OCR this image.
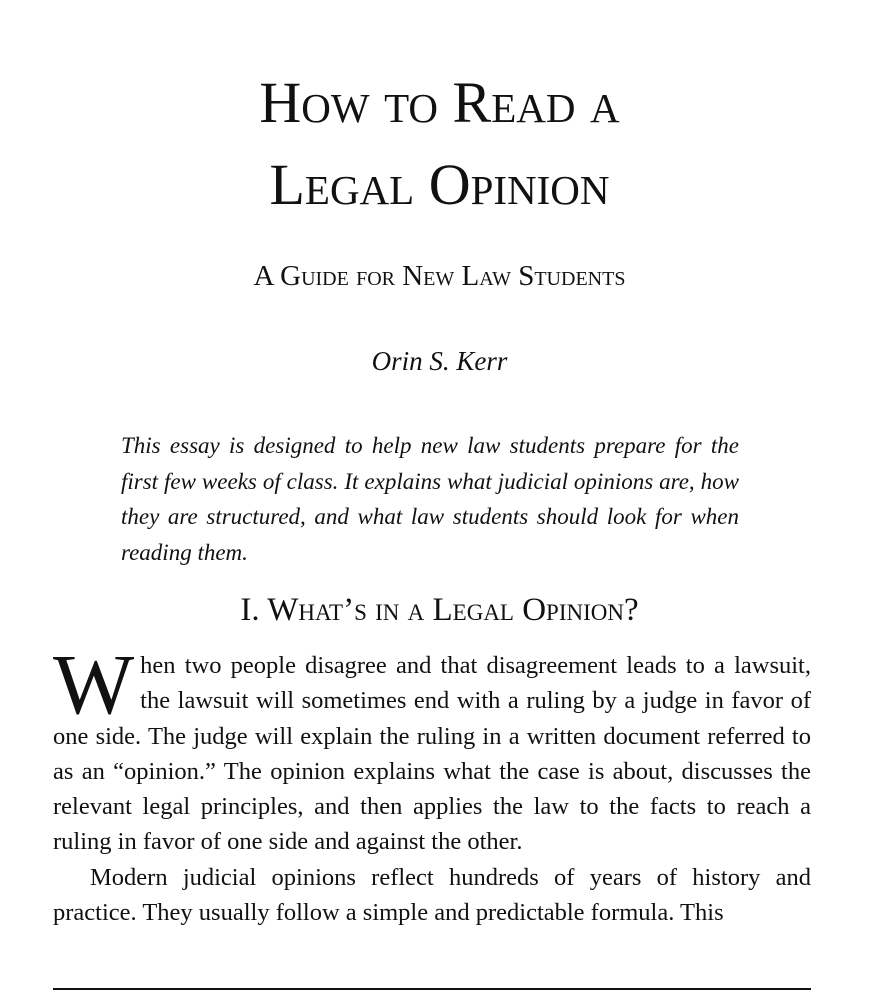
How to Read a
Legal Opinion
A Guide for New Law Students

Orin S. Kerr

This essay is designed to help new law students prepare for the first few weeks of class. It explains what judicial opinions are, how they are structured, and what law students should look for when reading them.

I. What’s in a Legal Opinion?

When two people disagree and that disagreement leads to a lawsuit, the lawsuit will sometimes end with a ruling by a judge in favor of one side. The judge will explain the ruling in a written document referred to as an “opinion.” The opinion explains what the case is about, discusses the relevant legal principles, and then applies the law to the facts to reach a ruling in favor of one side and against the other.

Modern judicial opinions reflect hundreds of years of history and practice. They usually follow a simple and predictable formula. This
